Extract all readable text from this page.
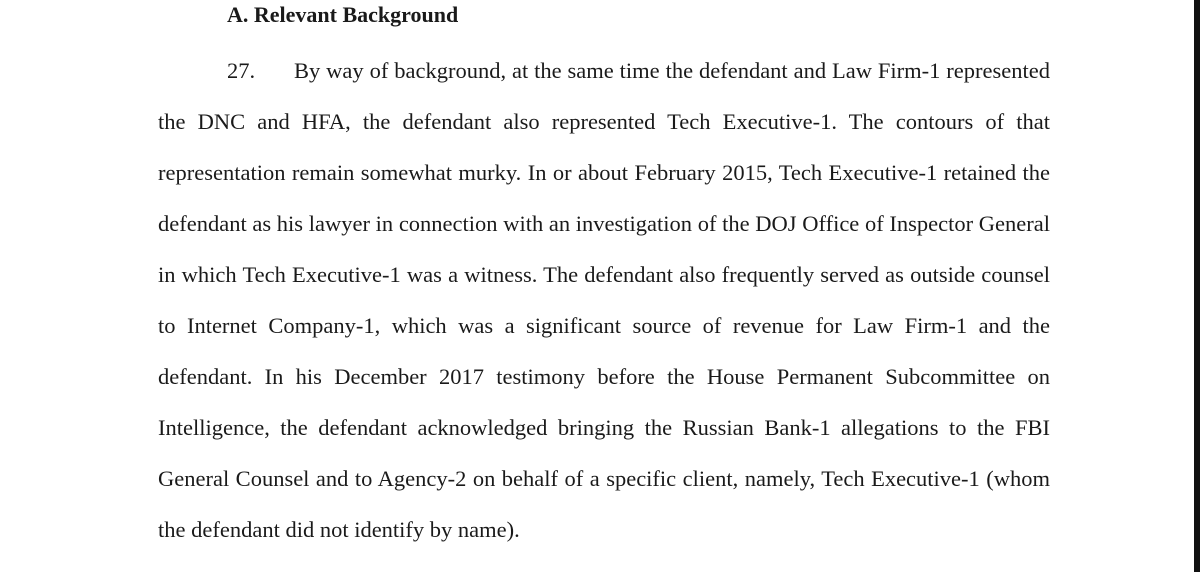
A. Relevant Background
27. By way of background, at the same time the defendant and Law Firm-1 represented
the DNC and HFA, the defendant also represented Tech Executive-1. The contours of that
representation remain somewhat murky. In or about February 2015, Tech Executive-1 retained the
defendant as his lawyer in connection with an investigation of the DOJ Office of Inspector General
in which Tech Executive-1 was a witness. The defendant also frequently served as outside counsel
to Internet Company-1, which was a significant source of revenue for Law Firm-1 and the
defendant. In his December 2017 testimony before the House Permanent Subcommittee on
Intelligence, the defendant acknowledged bringing the Russian Bank-1 allegations to the FBI
General Counsel and to Agency-2 on behalf of a specific client, namely, Tech Executive-1 (whom
the defendant did not identify by name).
